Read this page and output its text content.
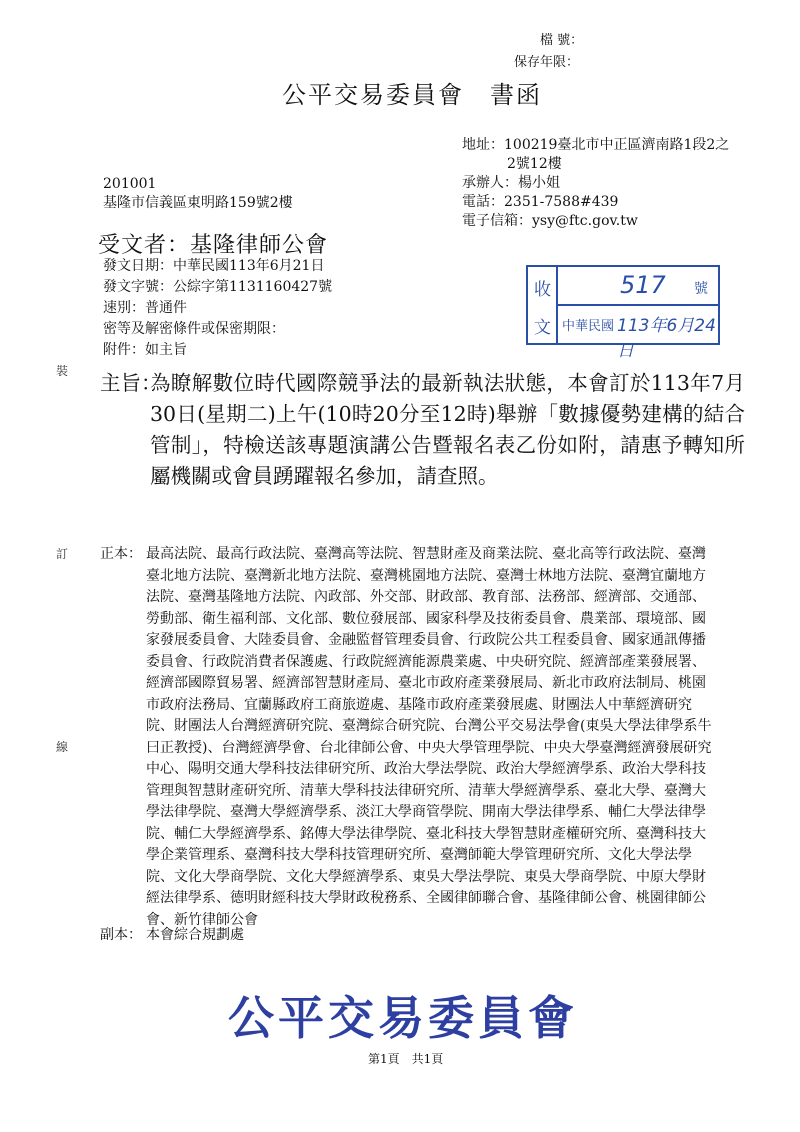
檔 號：
保存年限：
公平交易委員會　書函
地址：100219臺北市中正區濟南路1段2之
2號12樓
承辦人：楊小姐
電話：2351-7588#439
電子信箱：ysy@ftc.gov.tw
201001
基隆市信義區東明路159號2樓
受文者：基隆律師公會
發文日期：中華民國113年6月21日
發文字號：公綜字第1131160427號
速別：普通件
密等及解密條件或保密期限：
附件：如主旨
收
文
517 號
中華民國 113年6月24日
裝
訂
線
主旨：
為瞭解數位時代國際競爭法的最新執法狀態，本會訂於113年7月30日(星期二)上午(10時20分至12時)舉辦「數據優勢建構的結合管制」，特檢送該專題演講公告暨報名表乙份如附，請惠予轉知所屬機關或會員踴躍報名參加，請查照。
正本： 最高法院、最高行政法院、臺灣高等法院、智慧財產及商業法院、臺北高等行政法院、臺灣臺北地方法院、臺灣新北地方法院、臺灣桃園地方法院、臺灣士林地方法院、臺灣宜蘭地方法院、臺灣基隆地方法院、內政部、外交部、財政部、教育部、法務部、經濟部、交通部、勞動部、衛生福利部、文化部、數位發展部、國家科學及技術委員會、農業部、環境部、國家發展委員會、大陸委員會、金融監督管理委員會、行政院公共工程委員會、國家通訊傳播委員會、行政院消費者保護處、行政院經濟能源農業處、中央研究院、經濟部產業發展署、經濟部國際貿易署、經濟部智慧財產局、臺北市政府產業發展局、新北市政府法制局、桃園市政府法務局、宜蘭縣政府工商旅遊處、基隆市政府產業發展處、財團法人中華經濟研究院、財團法人台灣經濟研究院、臺灣綜合研究院、台灣公平交易法學會(東吳大學法律學系牛曰正教授)、台灣經濟學會、台北律師公會、中央大學管理學院、中央大學臺灣經濟發展研究中心、陽明交通大學科技法律研究所、政治大學法學院、政治大學經濟學系、政治大學科技管理與智慧財產研究所、清華大學科技法律研究所、清華大學經濟學系、臺北大學、臺灣大學法律學院、臺灣大學經濟學系、淡江大學商管學院、開南大學法律學系、輔仁大學法律學院、輔仁大學經濟學系、銘傳大學法律學院、臺北科技大學智慧財產權研究所、臺灣科技大學企業管理系、臺灣科技大學科技管理研究所、臺灣師範大學管理研究所、文化大學法學院、文化大學商學院、文化大學經濟學系、東吳大學法學院、東吳大學商學院、中原大學財經法律學系、德明財經科技大學財政稅務系、全國律師聯合會、基隆律師公會、桃園律師公會、新竹律師公會
副本： 本會綜合規劃處
公平交易委員會
第1頁　共1頁
